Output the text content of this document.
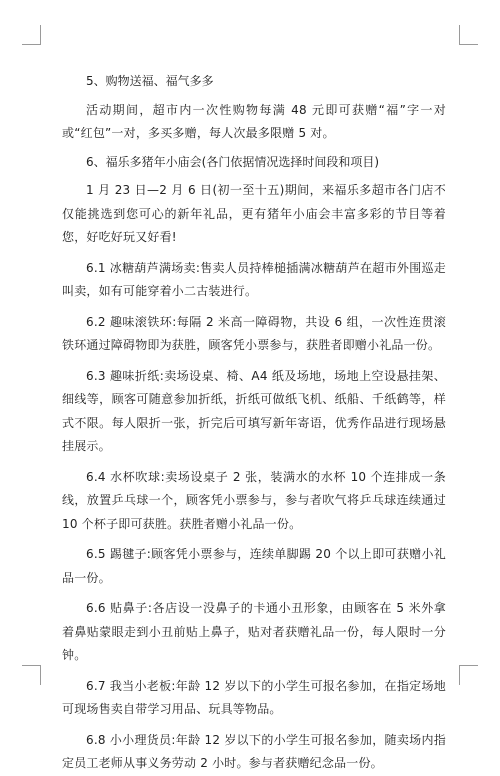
5、购物送福、福气多多

活动期间，超市内一次性购物每满 48 元即可获赠“福”字一对或“红包”一对，多买多赠，每人次最多限赠 5 对。

6、福乐多猪年小庙会(各门依据情况选择时间段和项目)

1 月 23 日—2 月 6 日(初一至十五)期间，来福乐多超市各门店不仅能挑选到您可心的新年礼品，更有猪年小庙会丰富多彩的节目等着您，好吃好玩又好看!

6.1 冰糖葫芦满场卖:售卖人员持棒槌插满冰糖葫芦在超市外围巡走叫卖，如有可能穿着小二古装进行。

6.2 趣味滚铁环:每隔 2 米高一障碍物，共设 6 组，一次性连贯滚铁环通过障碍物即为获胜，顾客凭小票参与，获胜者即赠小礼品一份。

6.3 趣味折纸:卖场设桌、椅、A4 纸及场地，场地上空设悬挂架、细线等，顾客可随意参加折纸，折纸可做纸飞机、纸船、千纸鹤等，样式不限。每人限折一张，折完后可填写新年寄语，优秀作品进行现场悬挂展示。

6.4 水杯吹球:卖场设桌子 2 张，装满水的水杯 10 个连排成一条线，放置乒乓球一个，顾客凭小票参与，参与者吹气将乒乓球连续通过 10 个杯子即可获胜。获胜者赠小礼品一份。

6.5 踢毽子:顾客凭小票参与，连续单脚踢 20 个以上即可获赠小礼品一份。

6.6 贴鼻子:各店设一没鼻子的卡通小丑形象，由顾客在 5 米外拿着鼻贴蒙眼走到小丑前贴上鼻子，贴对者获赠礼品一份，每人限时一分钟。

6.7 我当小老板:年龄 12 岁以下的小学生可报名参加，在指定场地可现场售卖自带学习用品、玩具等物品。

6.8 小小理货员:年龄 12 岁以下的小学生可报名参加，随卖场内指定员工老师从事义务劳动 2 小时。参与者获赠纪念品一份。
